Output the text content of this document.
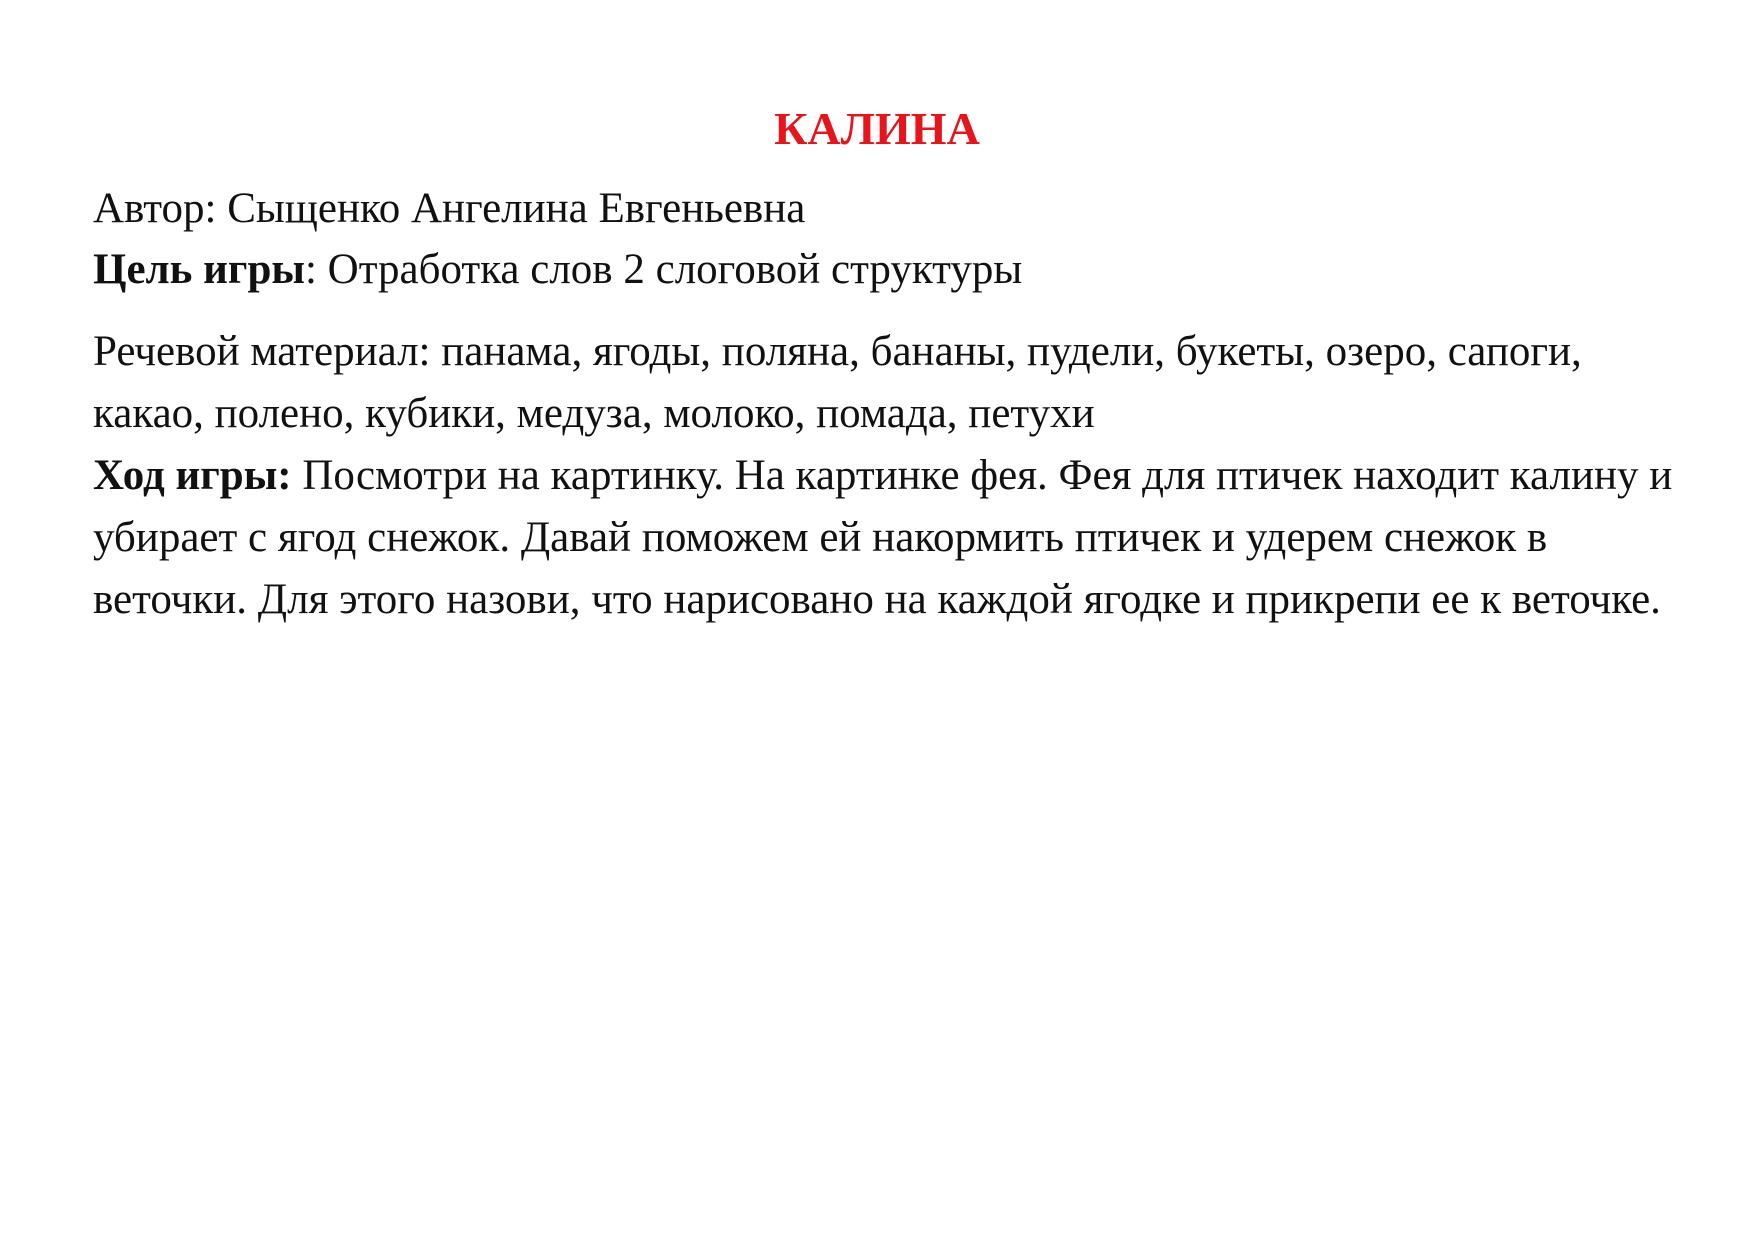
КАЛИНА

Автор: Сыщенко Ангелина Евгеньевна

Цель игры: Отработка слов 2 слоговой структуры

Речевой материал: панама, ягоды, поляна, бананы, пудели, букеты, озеро, сапоги, какао, полено, кубики, медуза, молоко, помада, петухи
Ход игры: Посмотри на картинку. На картинке фея. Фея для птичек находит калину и убирает с ягод снежок. Давай поможем ей накормить птичек и удерем снежок в веточки. Для этого назови, что нарисовано на каждой ягодке и прикрепи ее к веточке.
